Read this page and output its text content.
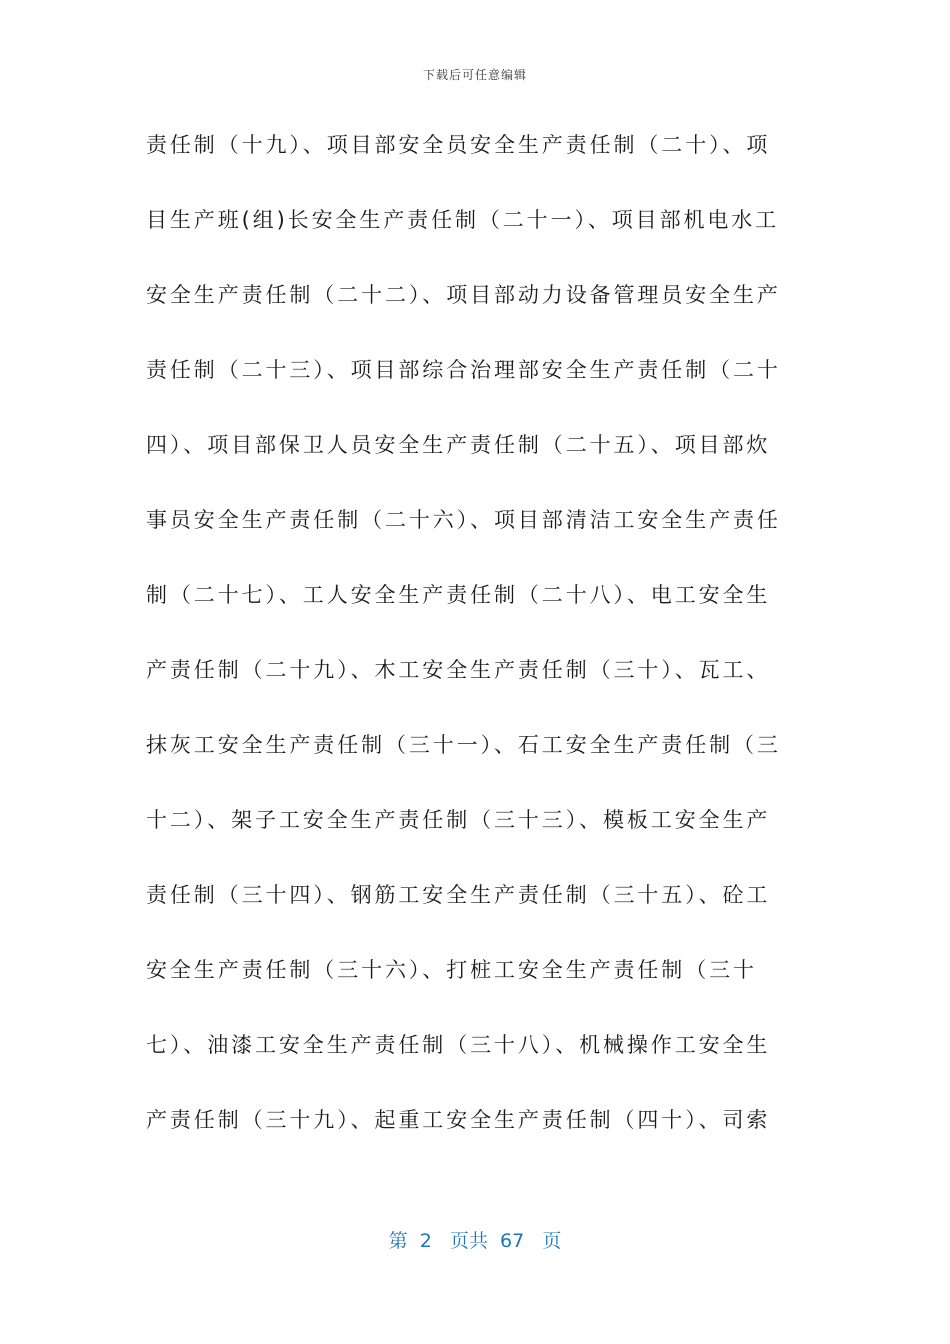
下载后可任意编辑
责任制（十九）、项目部安全员安全生产责任制（二十）、项
目生产班(组)长安全生产责任制（二十一）、项目部机电水工
安全生产责任制（二十二）、项目部动力设备管理员安全生产
责任制（二十三）、项目部综合治理部安全生产责任制（二十
四）、项目部保卫人员安全生产责任制（二十五）、项目部炊
事员安全生产责任制（二十六）、项目部清洁工安全生产责任
制（二十七）、工人安全生产责任制（二十八）、电工安全生
产责任制（二十九）、木工安全生产责任制（三十）、瓦工、
抹灰工安全生产责任制（三十一）、石工安全生产责任制（三
十二）、架子工安全生产责任制（三十三）、模板工安全生产
责任制（三十四）、钢筋工安全生产责任制（三十五）、砼工
安全生产责任制（三十六）、打桩工安全生产责任制（三十
七）、油漆工安全生产责任制（三十八）、机械操作工安全生
产责任制（三十九）、起重工安全生产责任制（四十）、司索
第 2 页共 67 页
